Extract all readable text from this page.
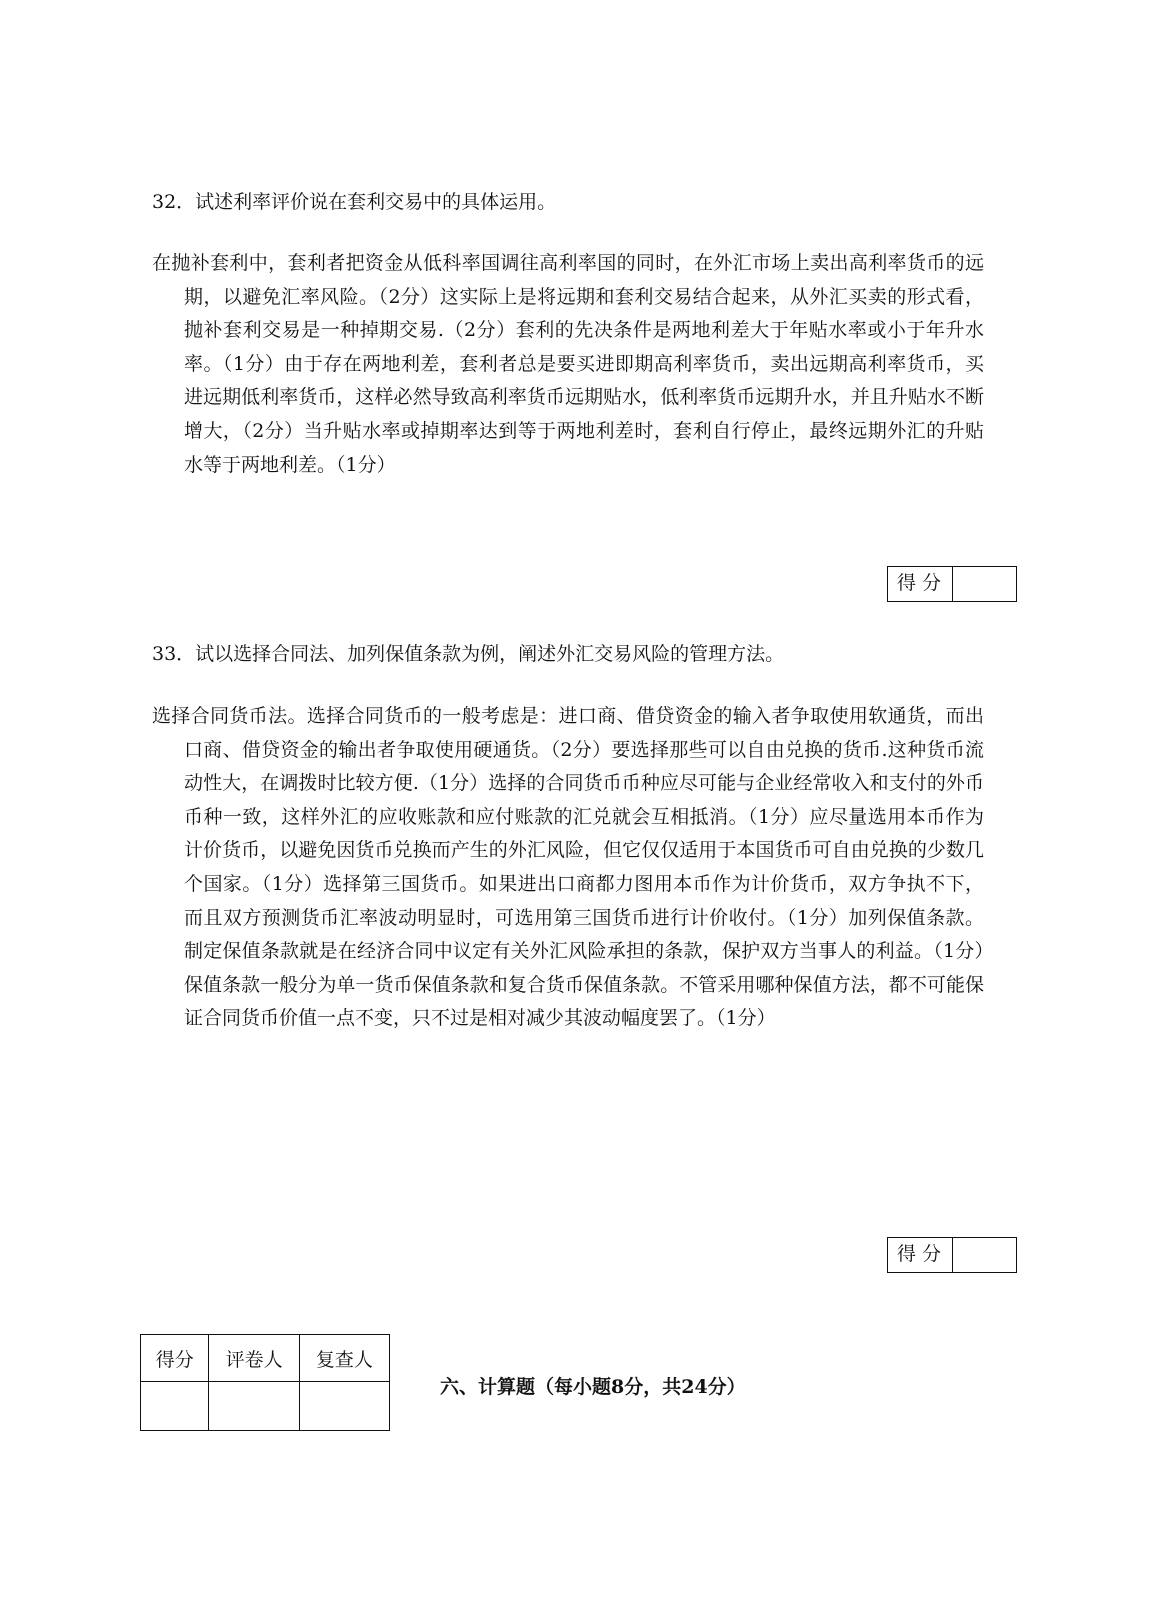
32．试述利率评价说在套利交易中的具体运用。
在抛补套利中，套利者把资金从低科率国调往高利率国的同时，在外汇市场上卖出高利率货币的远期，以避免汇率风险。（2分）这实际上是将远期和套利交易结合起来，从外汇买卖的形式看，抛补套利交易是一种掉期交易.（2分）套利的先决条件是两地利差大于年贴水率或小于年升水率。（1分）由于存在两地利差，套利者总是要买进即期高利率货币，卖出远期高利率货币，买进远期低利率货币，这样必然导致高利率货币远期贴水，低利率货币远期升水，并且升贴水不断增大，（2分）当升贴水率或掉期率达到等于两地利差时，套利自行停止，最终远期外汇的升贴水等于两地利差。（1分）
得分
33．试以选择合同法、加列保值条款为例，阐述外汇交易风险的管理方法。
选择合同货币法。选择合同货币的一般考虑是：进口商、借贷资金的输入者争取使用软通货，而出口商、借贷资金的输出者争取使用硬通货。（2分）要选择那些可以自由兑换的货币.这种货币流动性大，在调拨时比较方便.（1分）选择的合同货币币种应尽可能与企业经常收入和支付的外币币种一致，这样外汇的应收账款和应付账款的汇兑就会互相抵消。（1分）应尽量选用本币作为计价货币，以避免因货币兑换而产生的外汇风险，但它仅仅适用于本国货币可自由兑换的少数几个国家。（1分）选择第三国货币。如果进出口商都力图用本币作为计价货币，双方争执不下，而且双方预测货币汇率波动明显时，可选用第三国货币进行计价收付。（1分）加列保值条款。制定保值条款就是在经济合同中议定有关外汇风险承担的条款，保护双方当事人的利益。（1分）保值条款一般分为单一货币保值条款和复合货币保值条款。不管采用哪种保值方法，都不可能保证合同货币价值一点不变，只不过是相对减少其波动幅度罢了。（1分）
得分
得分	评卷人	复查人

六、计算题（每小题8分，共24分）
